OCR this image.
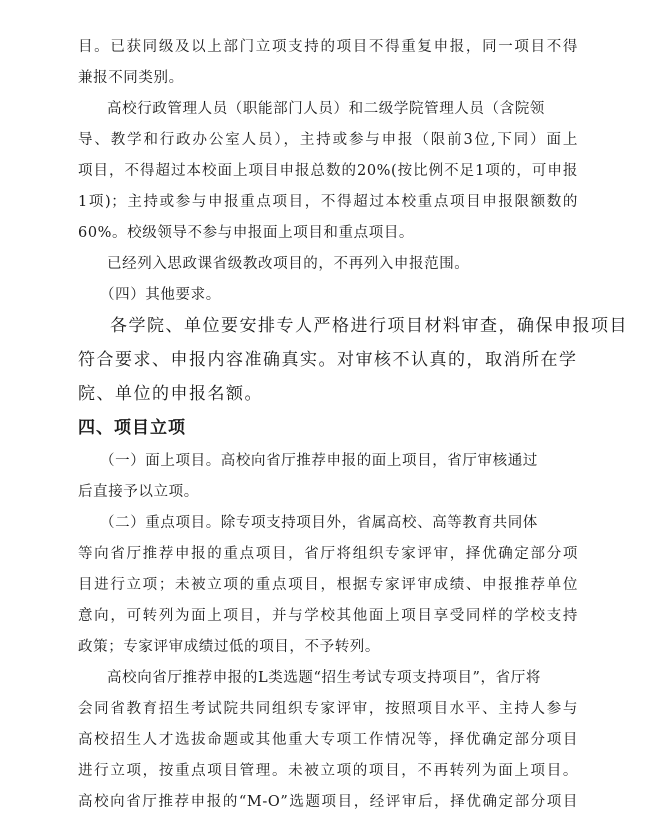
目。已获同级及以上部门立项支持的项目不得重复申报，同一项目不得
兼报不同类别。
高校行政管理人员（职能部门人员）和二级学院管理人员（含院领
导、教学和行政办公室人员），主持或参与申报（限前3位,下同）面上
项目，不得超过本校面上项目申报总数的20%(按比例不足1项的，可申报
1项)；主持或参与申报重点项目，不得超过本校重点项目申报限额数的
60%。校级领导不参与申报面上项目和重点项目。
已经列入思政课省级教改项目的，不再列入申报范围。
（四）其他要求。
各学院、单位要安排专人严格进行项目材料审查，确保申报项目
符合要求、申报内容准确真实。对审核不认真的，取消所在学
院、单位的申报名额。
四、项目立项
（一）面上项目。高校向省厅推荐申报的面上项目，省厅审核通过
后直接予以立项。
（二）重点项目。除专项支持项目外，省属高校、高等教育共同体
等向省厅推荐申报的重点项目，省厅将组织专家评审，择优确定部分项
目进行立项；未被立项的重点项目，根据专家评审成绩、申报推荐单位
意向，可转列为面上项目，并与学校其他面上项目享受同样的学校支持
政策；专家评审成绩过低的项目，不予转列。
高校向省厅推荐申报的L类选题“招生考试专项支持项目”，省厅将
会同省教育招生考试院共同组织专家评审，按照项目水平、主持人参与
高校招生人才选拔命题或其他重大专项工作情况等，择优确定部分项目
进行立项，按重点项目管理。未被立项的项目，不再转列为面上项目。
高校向省厅推荐申报的“M-O”选题项目，经评审后，择优确定部分项目
